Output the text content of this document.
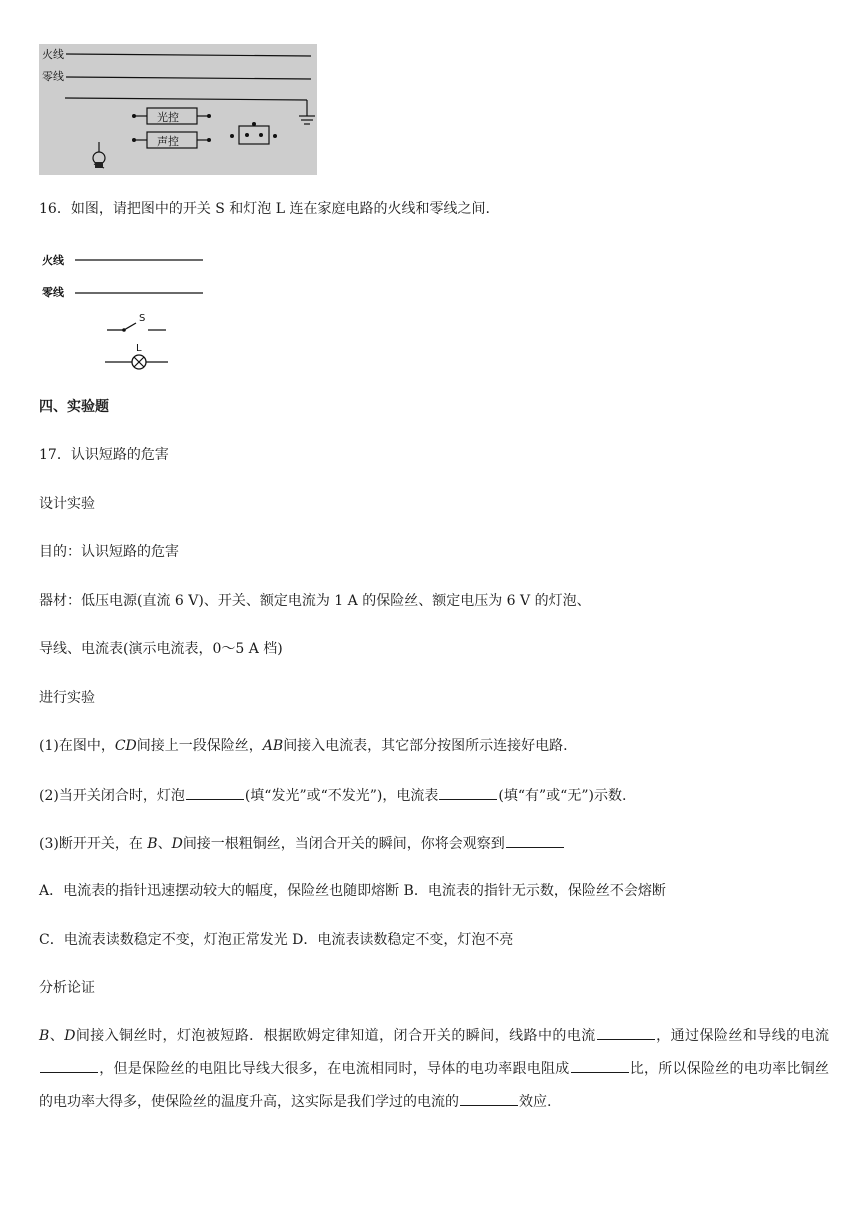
火线
零线
光控
声控
16．如图，请把图中的开关 S 和灯泡 L 连在家庭电路的火线和零线之间.
火线
零线
S
L
四、实验题
17．认识短路的危害
设计实验
目的：认识短路的危害
器材：低压电源(直流 6 V)、开关、额定电流为 1 A 的保险丝、额定电压为 6 V 的灯泡、
导线、电流表(演示电流表，0～5 A 档)
进行实验
(1)在图中，CD间接上一段保险丝，AB间接入电流表，其它部分按图所示连接好电路.
(2)当开关闭合时，灯泡	(填“发光”或“不发光”)，电流表	(填“有”或“无”)示数.
(3)断开开关，在 B、D间接一根粗铜丝，当闭合开关的瞬间，你将会观察到
A．电流表的指针迅速摆动较大的幅度，保险丝也随即熔断 B．电流表的指针无示数，保险丝不会熔断
C．电流表读数稳定不变，灯泡正常发光 D．电流表读数稳定不变，灯泡不亮
分析论证
B、D间接入铜丝时，灯泡被短路．根据欧姆定律知道，闭合开关的瞬间，线路中的电流	，通过保险丝和导线的电流，但是保险丝的电阻比导线大很多，在电流相同时，导体的电功率跟电阻成	比，所以保险丝的电功率比铜丝的电功率大得多，使保险丝的温度升高，这实际是我们学过的电流的	效应.
